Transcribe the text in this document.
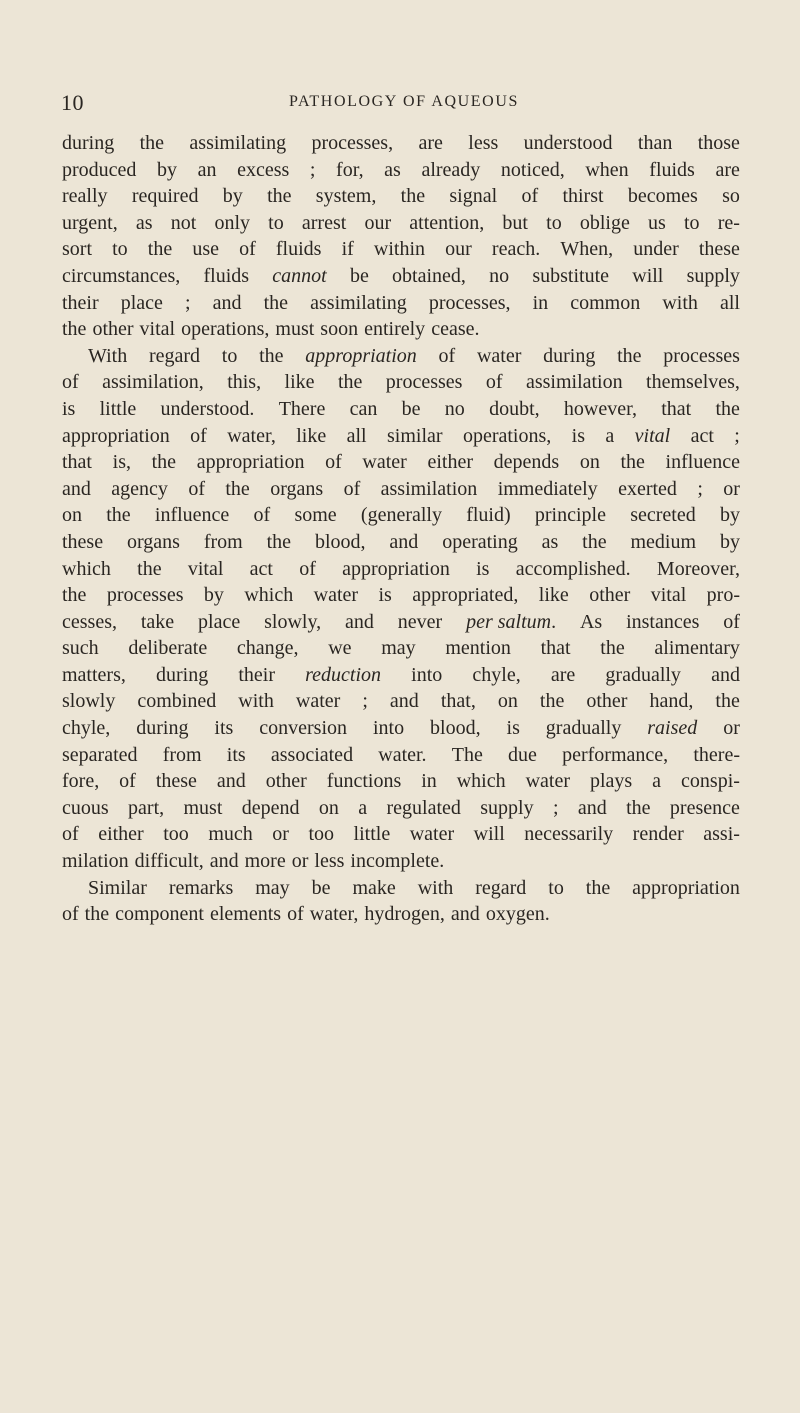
10	PATHOLOGY OF AQUEOUS
during the assimilating processes, are less understood than those
produced by an excess ; for, as already noticed, when fluids are
really required by the system, the signal of thirst becomes so
urgent, as not only to arrest our attention, but to oblige us to re-
sort to the use of fluids if within our reach. When, under these
circumstances, fluids cannot be obtained, no substitute will supply
their place ; and the assimilating processes, in common with all
the other vital operations, must soon entirely cease.
With regard to the appropriation of water during the processes
of assimilation, this, like the processes of assimilation themselves,
is little understood. There can be no doubt, however, that the
appropriation of water, like all similar operations, is a vital act ;
that is, the appropriation of water either depends on the influence
and agency of the organs of assimilation immediately exerted ; or
on the influence of some (generally fluid) principle secreted by
these organs from the blood, and operating as the medium by
which the vital act of appropriation is accomplished. Moreover,
the processes by which water is appropriated, like other vital pro-
cesses, take place slowly, and never per saltum. As instances of
such deliberate change, we may mention that the alimentary
matters, during their reduction into chyle, are gradually and
slowly combined with water ; and that, on the other hand, the
chyle, during its conversion into blood, is gradually raised or
separated from its associated water. The due performance, there-
fore, of these and other functions in which water plays a conspi-
cuous part, must depend on a regulated supply ; and the presence
of either too much or too little water will necessarily render assi-
milation difficult, and more or less incomplete.
Similar remarks may be make with regard to the appropriation
of the component elements of water, hydrogen, and oxygen.
